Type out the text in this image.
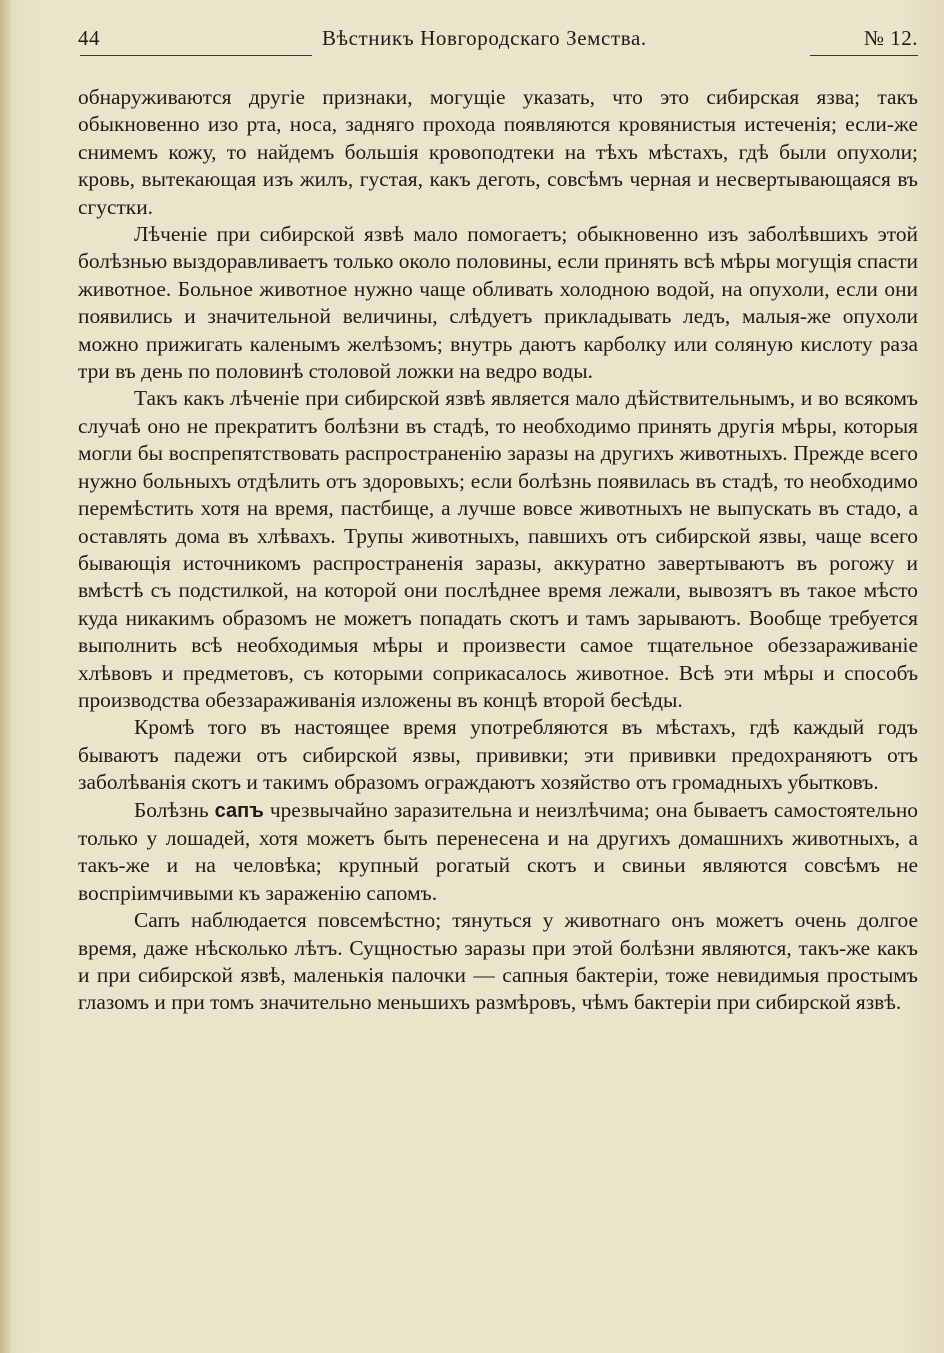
44	Вѣстникъ Новгородскаго Земства.	№ 12.

обнаруживаются другіе признаки, могущіе указать, что это сибирская язва; такъ обыкновенно изо рта, носа, задняго прохода появляются кровянистыя истеченія; если-же снимемъ кожу, то найдемъ большія кровоподтеки на тѣхъ мѣстахъ, гдѣ были опухоли; кровь, вытекающая изъ жилъ, густая, какъ деготь, совсѣмъ черная и несвертывающаяся въ сгустки.

Лѣченіе при сибирской язвѣ мало помогаетъ; обыкновенно изъ заболѣвшихъ этой болѣзнью выздоравливаетъ только около половины, если принять всѣ мѣры могущія спасти животное. Больное животное нужно чаще обливать холодною водой, на опухоли, если они появились и значительной величины, слѣдуетъ прикладывать ледъ, малыя-же опухоли можно прижигать каленымъ желѣзомъ; внутрь даютъ карболку или соляную кислоту раза три въ день по половинѣ столовой ложки на ведро воды.

Такъ какъ лѣченіе при сибирской язвѣ является мало дѣйствительнымъ, и во всякомъ случаѣ оно не прекратитъ болѣзни въ стадѣ, то необходимо принять другія мѣры, которыя могли бы воспрепятствовать распространенію заразы на другихъ животныхъ. Прежде всего нужно больныхъ отдѣлить отъ здоровыхъ; если болѣзнь появилась въ стадѣ, то необходимо перемѣстить хотя на время, пастбище, а лучше вовсе животныхъ не выпускать въ стадо, а оставлять дома въ хлѣвахъ. Трупы животныхъ, павшихъ отъ сибирской язвы, чаще всего бывающія источникомъ распространенія заразы, аккуратно завертываютъ въ рогожу и вмѣстѣ съ подстилкой, на которой они послѣднее время лежали, вывозятъ въ такое мѣсто куда никакимъ образомъ не можетъ попадать скотъ и тамъ зарываютъ. Вообще требуется выполнить всѣ необходимыя мѣры и произвести самое тщательное обеззараживаніе хлѣвовъ и предметовъ, съ которыми соприкасалось животное. Всѣ эти мѣры и способъ производства обеззараживанія изложены въ концѣ второй бесѣды.

Кромѣ того въ настоящее время употребляются въ мѣстахъ, гдѣ каждый годъ бываютъ падежи отъ сибирской язвы, прививки; эти прививки предохраняютъ отъ заболѣванія скотъ и такимъ образомъ ограждаютъ хозяйство отъ громадныхъ убытковъ.

Болѣзнь сапъ чрезвычайно заразительна и неизлѣчима; она бываетъ самостоятельно только у лошадей, хотя можетъ быть перенесена и на другихъ домашнихъ животныхъ, а такъ-же и на человѣка; крупный рогатый скотъ и свиньи являются совсѣмъ не воспріимчивыми къ зараженію сапомъ.

Сапъ наблюдается повсемѣстно; тянуться у животнаго онъ можетъ очень долгое время, даже нѣсколько лѣтъ. Сущностью заразы при этой болѣзни являются, такъ-же какъ и при сибирской язвѣ, маленькія палочки — сапныя бактеріи, тоже невидимыя простымъ глазомъ и при томъ значительно меньшихъ размѣровъ, чѣмъ бактеріи при сибирской язвѣ.
